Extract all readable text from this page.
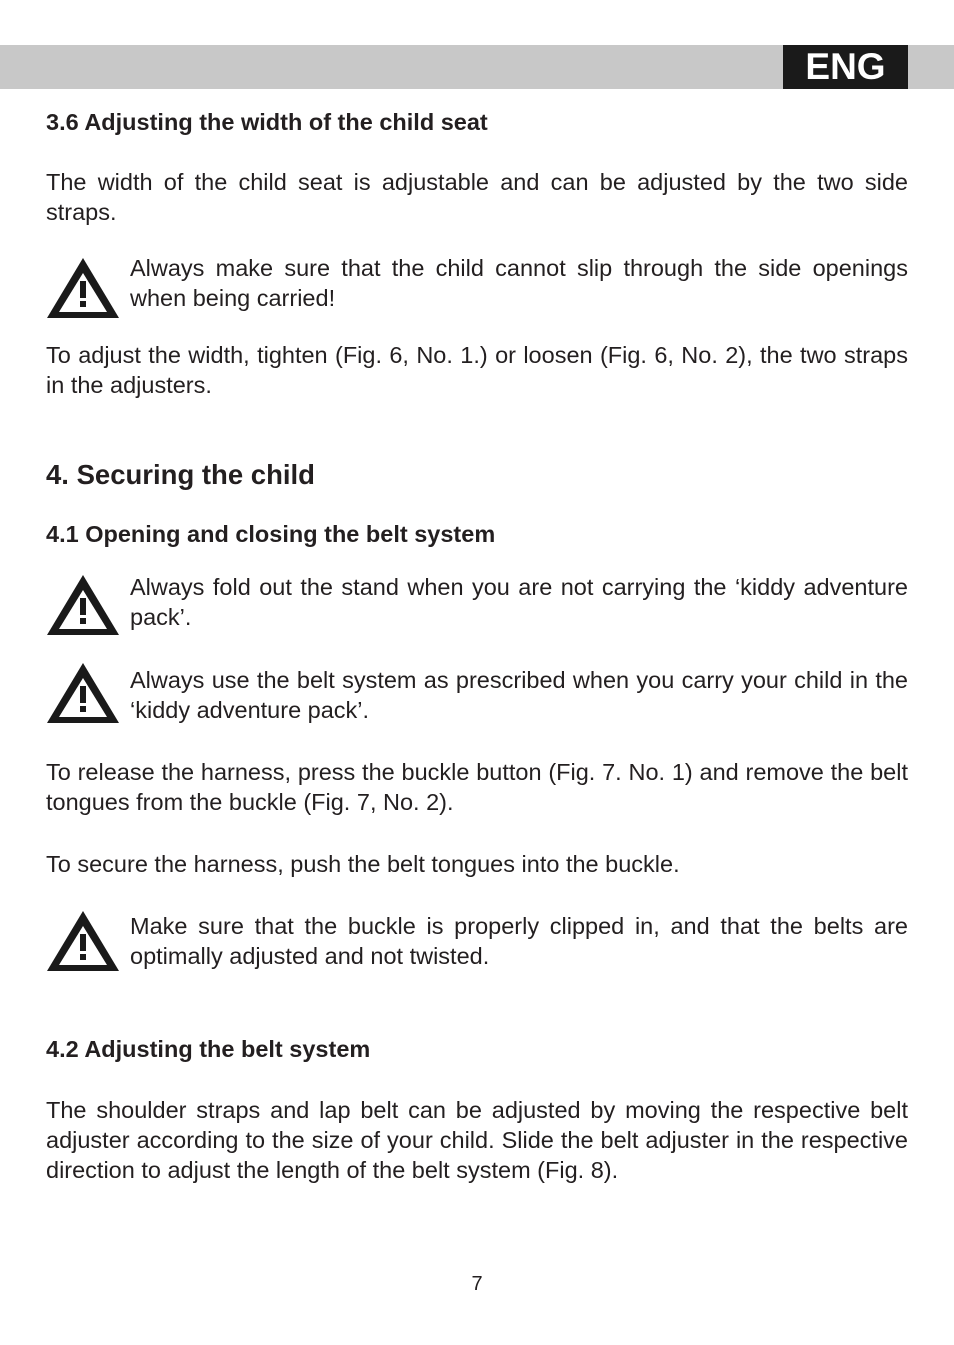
ENG
3.6 Adjusting the width of the child seat

The width of the child seat is adjustable and can be adjusted by the two side straps.

Always make sure that the child cannot slip through the side openings when being carried!

To adjust the width, tighten (Fig. 6, No. 1.) or loosen (Fig. 6, No. 2), the two straps in the adjusters.

4. Securing the child
4.1 Opening and closing the belt system

Always fold out the stand when you are not carrying the ‘kiddy adventure pack’.

Always use the belt system as prescribed when you carry your child in the ‘kiddy adventure pack’.

To release the harness, press the buckle button (Fig. 7. No. 1) and remove the belt tongues from the buckle (Fig. 7, No. 2).

To secure the harness, push the belt tongues into the buckle.

Make sure that the buckle is properly clipped in, and that the belts are optimally adjusted and not twisted.

4.2 Adjusting the belt system

The shoulder straps and lap belt can be adjusted by moving the respective belt adjuster according to the size of your child. Slide the belt adjuster in the respective direction to adjust the length of the belt system (Fig. 8).

7
